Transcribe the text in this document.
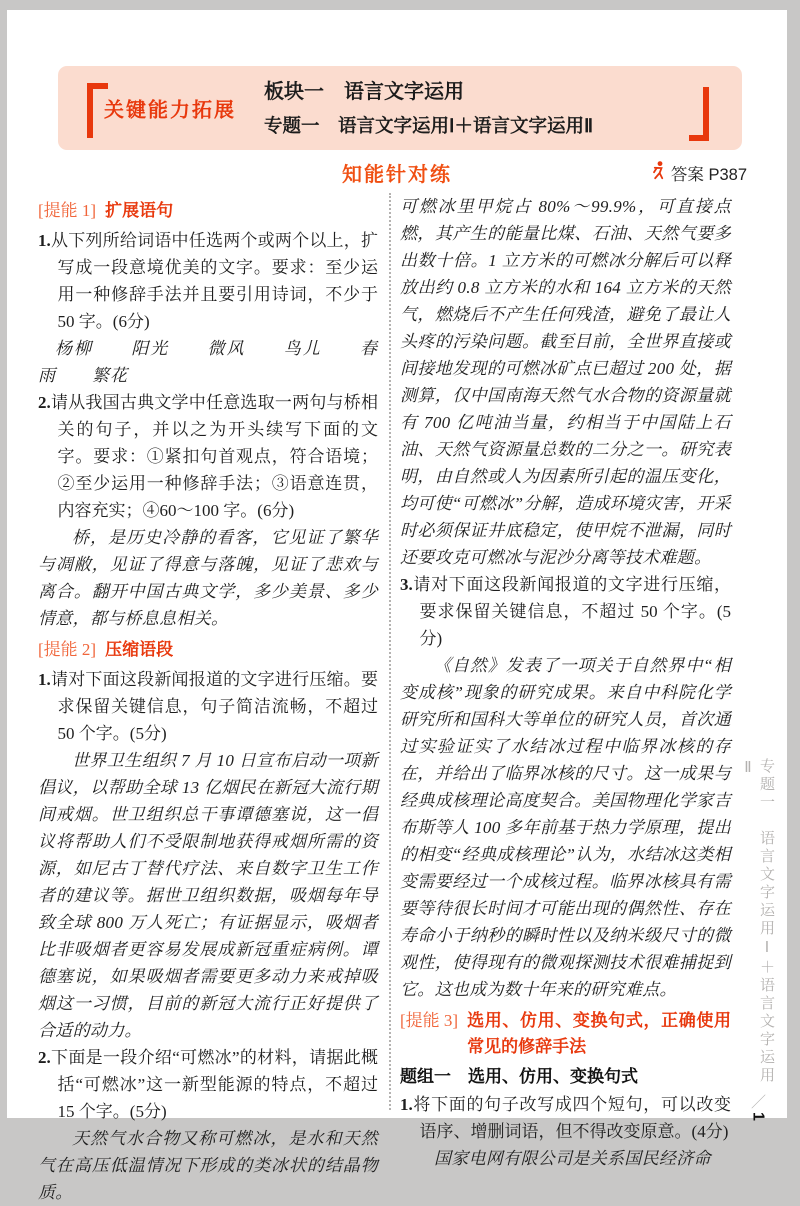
关键能力拓展
板块一　语言文字运用
专题一　语言文字运用Ⅰ＋语言文字运用Ⅱ
知能针对练	答案 P387
[提能 1] 扩展语句

1.从下列所给词语中任选两个或两个以上，扩写成一段意境优美的文字。要求：至少运用一种修辞手法并且要引用诗词，不少于 50 字。(6分)

杨柳　　阳光　　微风　　鸟儿　　春雨　　繁花

2.请从我国古典文学中任意选取一两句与桥相关的句子，并以之为开头续写下面的文字。要求：①紧扣句首观点，符合语境；②至少运用一种修辞手法；③语意连贯，内容充实；④60～100 字。(6分)

桥，是历史冷静的看客，它见证了繁华与凋敝，见证了得意与落魄，见证了悲欢与离合。翻开中国古典文学，多少美景、多少情意，都与桥息息相关。

[提能 2] 压缩语段

1.请对下面这段新闻报道的文字进行压缩。要求保留关键信息，句子简洁流畅，不超过 50 个字。(5分)

世界卫生组织 7 月 10 日宣布启动一项新倡议，以帮助全球 13 亿烟民在新冠大流行期间戒烟。世卫组织总干事谭德塞说，这一倡议将帮助人们不受限制地获得戒烟所需的资源，如尼古丁替代疗法、来自数字卫生工作者的建议等。据世卫组织数据，吸烟每年导致全球 800 万人死亡；有证据显示，吸烟者比非吸烟者更容易发展成新冠重症病例。谭德塞说，如果吸烟者需要更多动力来戒掉吸烟这一习惯，目前的新冠大流行正好提供了合适的动力。

2.下面是一段介绍“可燃冰”的材料，请据此概括“可燃冰”这一新型能源的特点，不超过 15 个字。(5分)

天然气水合物又称可燃冰，是水和天然气在高压低温情况下形成的类冰状的结晶物质。

可燃冰里甲烷占 80%～99.9%，可直接点燃，其产生的能量比煤、石油、天然气要多出数十倍。1 立方米的可燃冰分解后可以释放出约 0.8 立方米的水和 164 立方米的天然气，燃烧后不产生任何残渣，避免了最让人头疼的污染问题。截至目前，全世界直接或间接地发现的可燃冰矿点已超过 200 处，据测算，仅中国南海天然气水合物的资源量就有 700 亿吨油当量，约相当于中国陆上石油、天然气资源量总数的二分之一。研究表明，由自然或人为因素所引起的温压变化，均可使“可燃冰”分解，造成环境灾害，开采时必须保证井底稳定，使甲烷不泄漏，同时还要攻克可燃冰与泥沙分离等技术难题。

3.请对下面这段新闻报道的文字进行压缩，要求保留关键信息，不超过 50 个字。(5分)

《自然》发表了一项关于自然界中“相变成核”现象的研究成果。来自中科院化学研究所和国科大等单位的研究人员，首次通过实验证实了水结冰过程中临界冰核的存在，并给出了临界冰核的尺寸。这一成果与经典成核理论高度契合。美国物理化学家吉布斯等人 100 多年前基于热力学原理，提出的相变“经典成核理论”认为，水结冰这类相变需要经过一个成核过程。临界冰核具有需要等待很长时间才可能出现的偶然性、存在寿命小于纳秒的瞬时性以及纳米级尺寸的微观性，使得现有的微观探测技术很难捕捉到它。这也成为数十年来的研究难点。

[提能 3] 选用、仿用、变换句式，正确使用常见的修辞手法
题组一　选用、仿用、变换句式

1.将下面的句子改写成四个短句，可以改变语序、增删词语，但不得改变原意。(4分)

国家电网有限公司是关系国民经济命

专题一　语言文字运用Ⅰ＋语言文字运用Ⅱ
／
1
